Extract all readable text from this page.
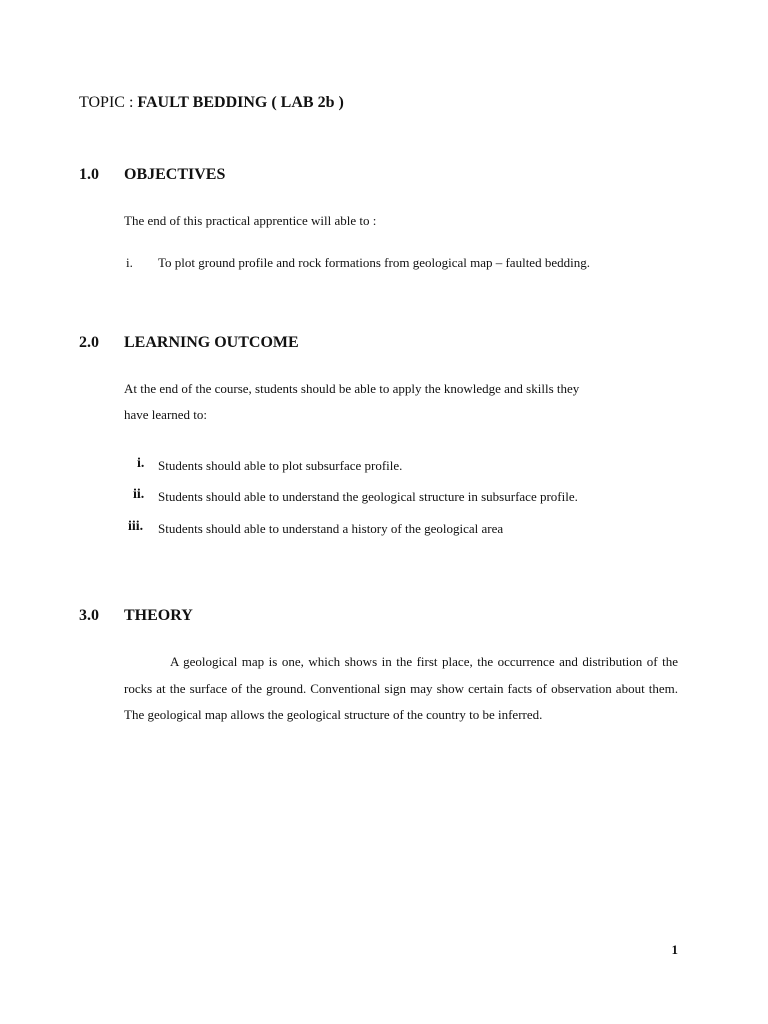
TOPIC : FAULT BEDDING ( LAB 2b )
1.0 OBJECTIVES
The end of this practical apprentice will able to :
i. To plot ground profile and rock formations from geological map – faulted bedding.
2.0 LEARNING OUTCOME
At the end of the course, students should be able to apply the knowledge and skills they
have learned to:
i. Students should able to plot subsurface profile.
ii. Students should able to understand the geological structure in subsurface profile.
iii. Students should able to understand a history of the geological area
3.0 THEORY
A geological map is one, which shows in the first place, the occurrence and distribution of the rocks at the surface of the ground. Conventional sign may show certain facts of observation about them. The geological map allows the geological structure of the country to be inferred.
1
